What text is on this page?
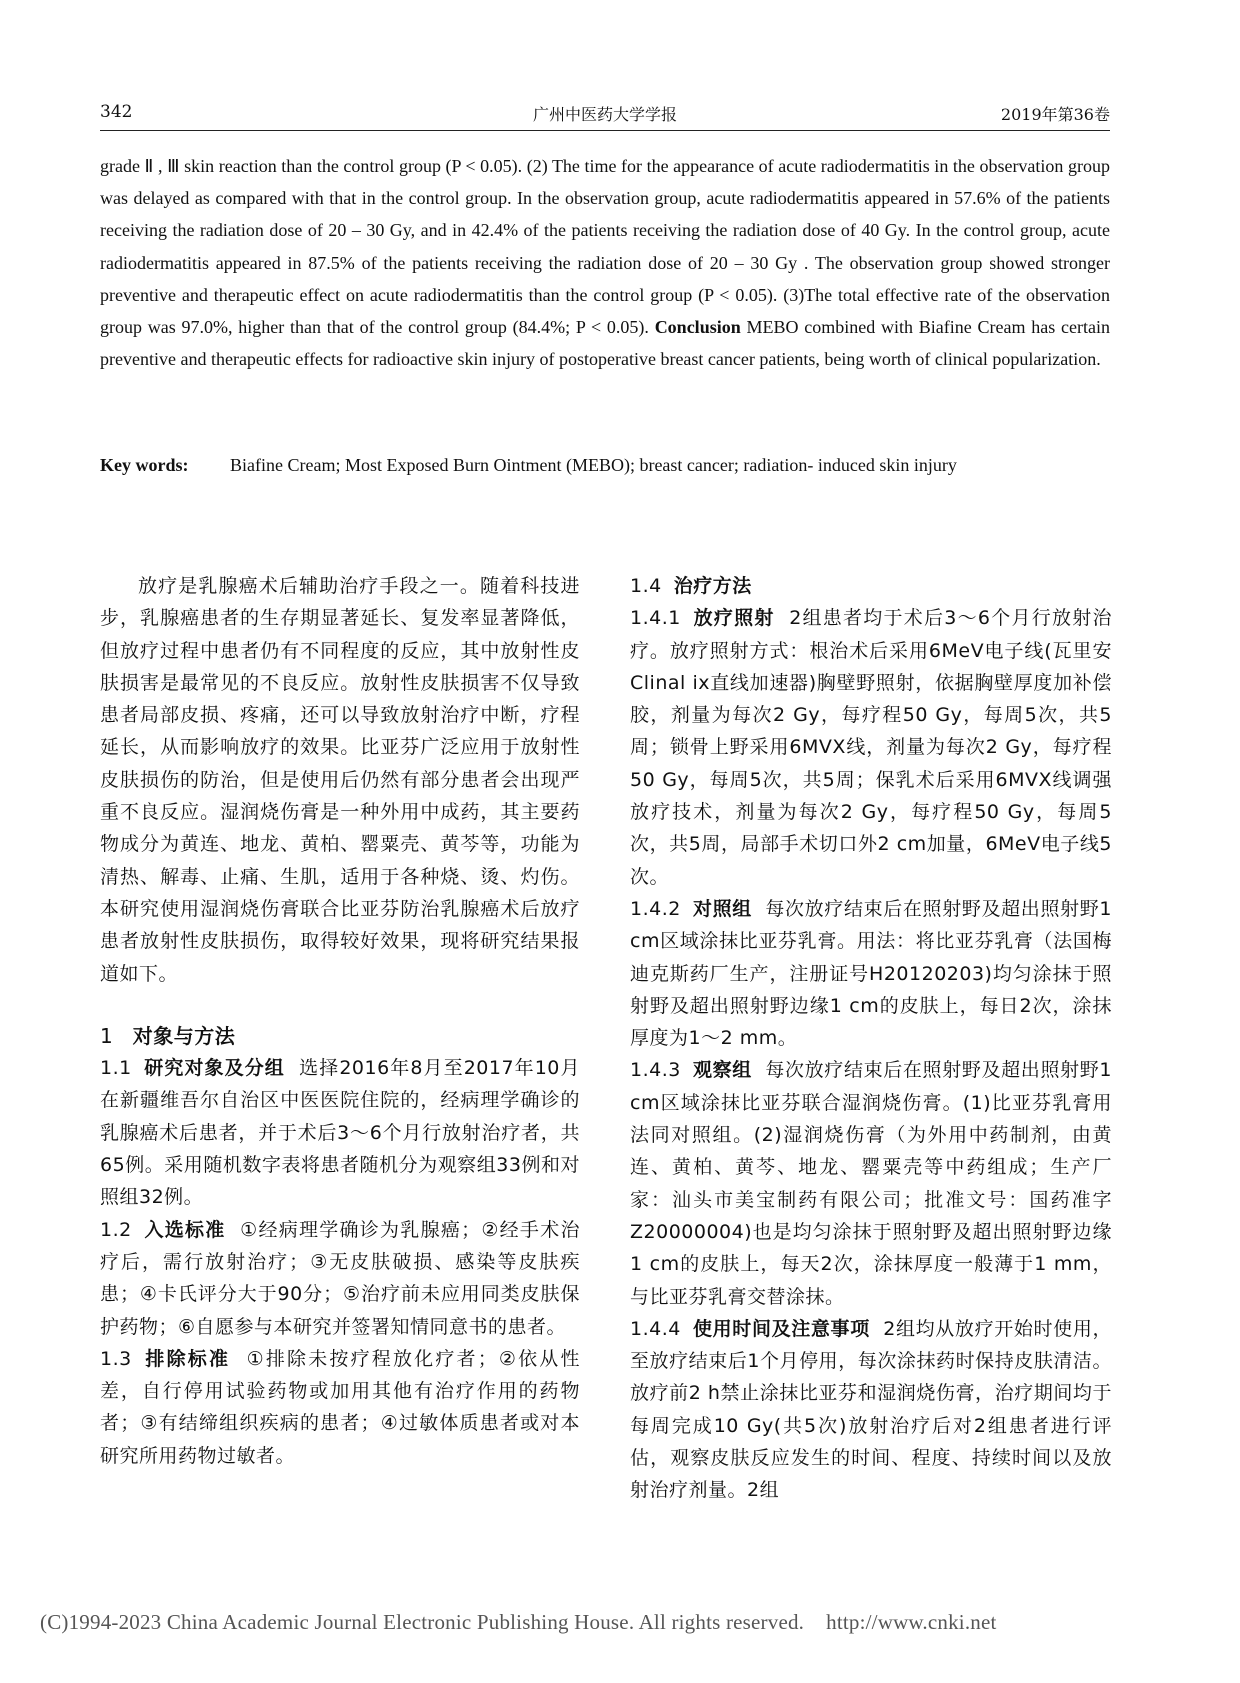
342	广州中医药大学学报	2019年第36卷
grade Ⅱ , Ⅲ skin reaction than the control group (P < 0.05). (2) The time for the appearance of acute radiodermatitis in the observation group was delayed as compared with that in the control group. In the observation group, acute radiodermatitis appeared in 57.6% of the patients receiving the radiation dose of 20 – 30 Gy, and in 42.4% of the patients receiving the radiation dose of 40 Gy. In the control group, acute radiodermatitis appeared in 87.5% of the patients receiving the radiation dose of 20 – 30 Gy . The observation group showed stronger preventive and therapeutic effect on acute radiodermatitis than the control group (P < 0.05). (3)The total effective rate of the observation group was 97.0%, higher than that of the control group (84.4%; P < 0.05). Conclusion MEBO combined with Biafine Cream has certain preventive and therapeutic effects for radioactive skin injury of postoperative breast cancer patients, being worth of clinical popularization.
Key words:	Biafine Cream; Most Exposed Burn Ointment (MEBO); breast cancer; radiation- induced skin injury

放疗是乳腺癌术后辅助治疗手段之一。随着科技进步，乳腺癌患者的生存期显著延长、复发率显著降低，但放疗过程中患者仍有不同程度的反应，其中放射性皮肤损害是最常见的不良反应。放射性皮肤损害不仅导致患者局部皮损、疼痛，还可以导致放射治疗中断，疗程延长，从而影响放疗的效果。比亚芬广泛应用于放射性皮肤损伤的防治，但是使用后仍然有部分患者会出现严重不良反应。湿润烧伤膏是一种外用中成药，其主要药物成分为黄连、地龙、黄柏、罂粟壳、黄芩等，功能为清热、解毒、止痛、生肌，适用于各种烧、烫、灼伤。本研究使用湿润烧伤膏联合比亚芬防治乳腺癌术后放疗患者放射性皮肤损伤，取得较好效果，现将研究结果报道如下。

1 对象与方法

1.1 研究对象及分组 选择2016年8月至2017年10月在新疆维吾尔自治区中医医院住院的，经病理学确诊的乳腺癌术后患者，并于术后3～6个月行放射治疗者，共65例。采用随机数字表将患者随机分为观察组33例和对照组32例。

1.2 入选标准 ①经病理学确诊为乳腺癌；②经手术治疗后，需行放射治疗；③无皮肤破损、感染等皮肤疾患；④卡氏评分大于90分；⑤治疗前未应用同类皮肤保护药物；⑥自愿参与本研究并签署知情同意书的患者。

1.3 排除标准 ①排除未按疗程放化疗者；②依从性差，自行停用试验药物或加用其他有治疗作用的药物者；③有结缔组织疾病的患者；④过敏体质患者或对本研究所用药物过敏者。

1.4 治疗方法

1.4.1 放疗照射 2组患者均于术后3～6个月行放射治疗。放疗照射方式：根治术后采用6MeV电子线(瓦里安Clinal ix直线加速器)胸壁野照射，依据胸壁厚度加补偿胶，剂量为每次2 Gy，每疗程50 Gy，每周5次，共5周；锁骨上野采用6MVX线，剂量为每次2 Gy，每疗程50 Gy，每周5次，共5周；保乳术后采用6MVX线调强放疗技术，剂量为每次2 Gy，每疗程50 Gy，每周5次，共5周，局部手术切口外2 cm加量，6MeV电子线5次。

1.4.2 对照组 每次放疗结束后在照射野及超出照射野1 cm区域涂抹比亚芬乳膏。用法：将比亚芬乳膏（法国梅迪克斯药厂生产，注册证号H20120203)均匀涂抹于照射野及超出照射野边缘1 cm的皮肤上，每日2次，涂抹厚度为1～2 mm。

1.4.3 观察组 每次放疗结束后在照射野及超出照射野1 cm区域涂抹比亚芬联合湿润烧伤膏。(1)比亚芬乳膏用法同对照组。(2)湿润烧伤膏（为外用中药制剂，由黄连、黄柏、黄芩、地龙、罂粟壳等中药组成；生产厂家：汕头市美宝制药有限公司；批准文号：国药准字Z20000004)也是均匀涂抹于照射野及超出照射野边缘1 cm的皮肤上，每天2次，涂抹厚度一般薄于1 mm，与比亚芬乳膏交替涂抹。

1.4.4 使用时间及注意事项 2组均从放疗开始时使用，至放疗结束后1个月停用，每次涂抹药时保持皮肤清洁。放疗前2 h禁止涂抹比亚芬和湿润烧伤膏，治疗期间均于每周完成10 Gy(共5次)放射治疗后对2组患者进行评估，观察皮肤反应发生的时间、程度、持续时间以及放射治疗剂量。2组

(C)1994-2023 China Academic Journal Electronic Publishing House. All rights reserved. http://www.cnki.net
